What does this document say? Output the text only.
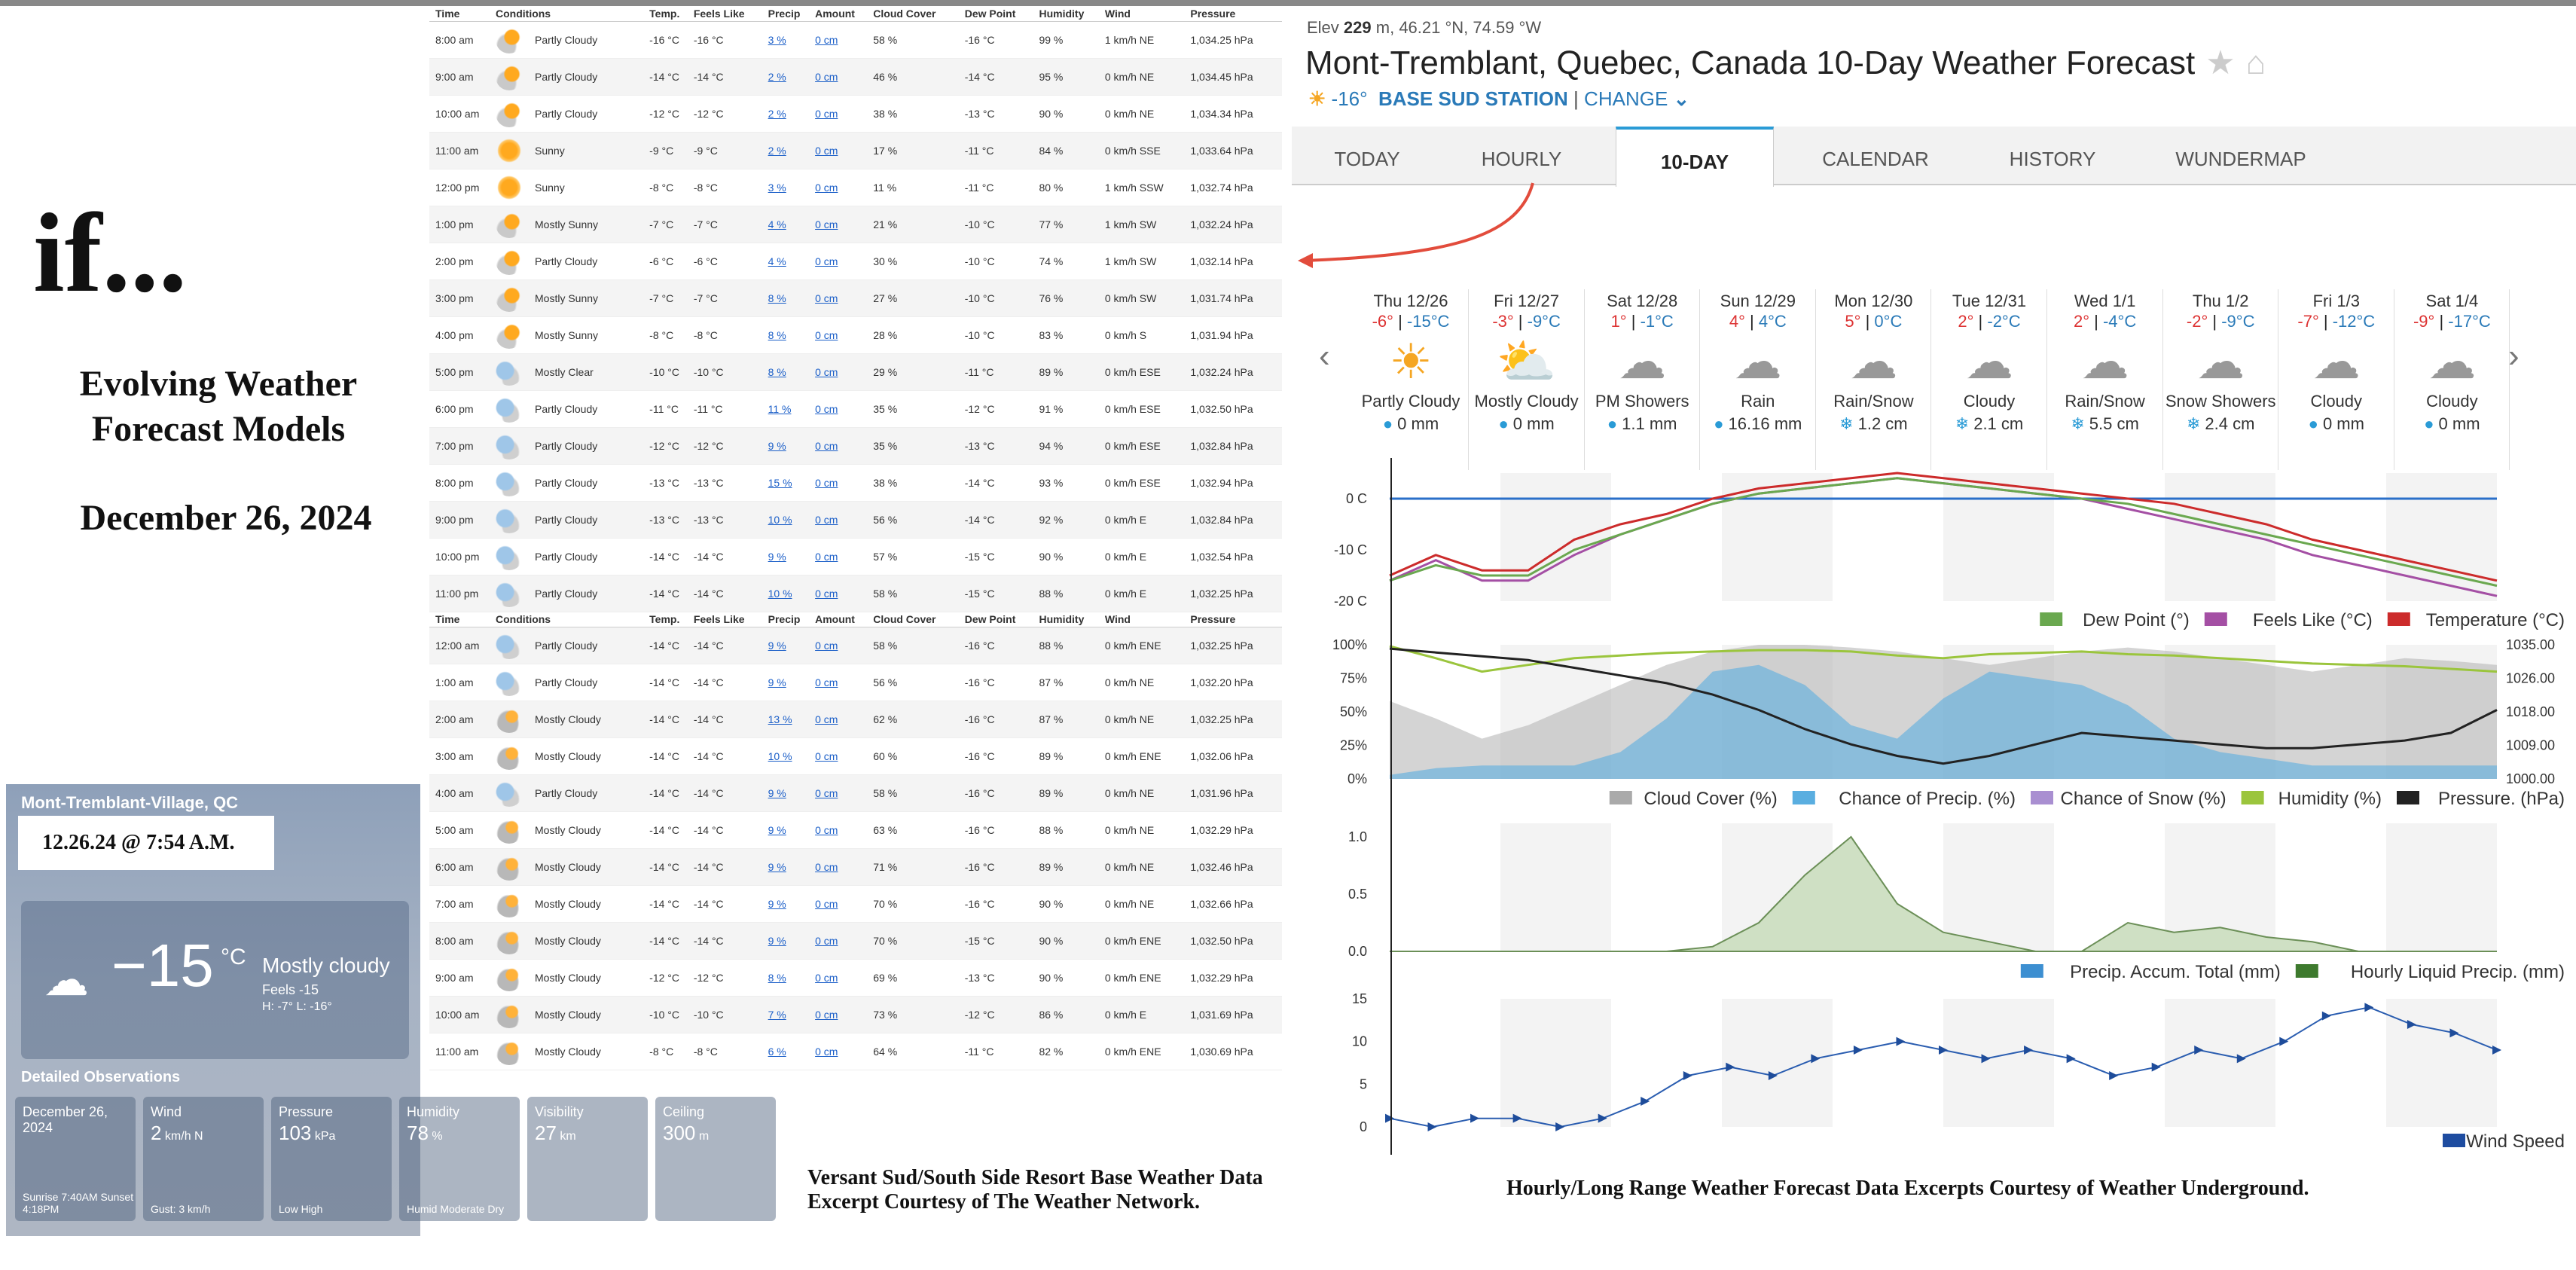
if...
Evolving Weather Forecast Models
December 26, 2024
Time	Conditions	Temp.	Feels Like	Precip	Amount	Cloud Cover	Dew Point	Humidity	Wind	Pressure
8:00 am	Partly Cloudy	-16 °C	-16 °C	3 %	0 cm	58 %	-16 °C	99 %	1 km/h NE	1,034.25 hPa
9:00 am	Partly Cloudy	-14 °C	-14 °C	2 %	0 cm	46 %	-14 °C	95 %	0 km/h NE	1,034.45 hPa
10:00 am	Partly Cloudy	-12 °C	-12 °C	2 %	0 cm	38 %	-13 °C	90 %	0 km/h NE	1,034.34 hPa
11:00 am	Sunny	-9 °C	-9 °C	2 %	0 cm	17 %	-11 °C	84 %	0 km/h SSE	1,033.64 hPa
12:00 pm	Sunny	-8 °C	-8 °C	3 %	0 cm	11 %	-11 °C	80 %	1 km/h SSW	1,032.74 hPa
1:00 pm	Mostly Sunny	-7 °C	-7 °C	4 %	0 cm	21 %	-10 °C	77 %	1 km/h SW	1,032.24 hPa
2:00 pm	Partly Cloudy	-6 °C	-6 °C	4 %	0 cm	30 %	-10 °C	74 %	1 km/h SW	1,032.14 hPa
3:00 pm	Mostly Sunny	-7 °C	-7 °C	8 %	0 cm	27 %	-10 °C	76 %	0 km/h SW	1,031.74 hPa
4:00 pm	Mostly Sunny	-8 °C	-8 °C	8 %	0 cm	28 %	-10 °C	83 %	0 km/h S	1,031.94 hPa
5:00 pm	Mostly Clear	-10 °C	-10 °C	8 %	0 cm	29 %	-11 °C	89 %	0 km/h ESE	1,032.24 hPa
6:00 pm	Partly Cloudy	-11 °C	-11 °C	11 %	0 cm	35 %	-12 °C	91 %	0 km/h ESE	1,032.50 hPa
7:00 pm	Partly Cloudy	-12 °C	-12 °C	9 %	0 cm	35 %	-13 °C	94 %	0 km/h ESE	1,032.84 hPa
8:00 pm	Partly Cloudy	-13 °C	-13 °C	15 %	0 cm	38 %	-14 °C	93 %	0 km/h ESE	1,032.94 hPa
9:00 pm	Partly Cloudy	-13 °C	-13 °C	10 %	0 cm	56 %	-14 °C	92 %	0 km/h E	1,032.84 hPa
10:00 pm	Partly Cloudy	-14 °C	-14 °C	9 %	0 cm	57 %	-15 °C	90 %	0 km/h E	1,032.54 hPa
11:00 pm	Partly Cloudy	-14 °C	-14 °C	10 %	0 cm	58 %	-15 °C	88 %	0 km/h E	1,032.25 hPa
Time	Conditions	Temp.	Feels Like	Precip	Amount	Cloud Cover	Dew Point	Humidity	Wind	Pressure
12:00 am	Partly Cloudy	-14 °C	-14 °C	9 %	0 cm	58 %	-16 °C	88 %	0 km/h ENE	1,032.25 hPa
1:00 am	Partly Cloudy	-14 °C	-14 °C	9 %	0 cm	56 %	-16 °C	87 %	0 km/h NE	1,032.20 hPa
2:00 am	Mostly Cloudy	-14 °C	-14 °C	13 %	0 cm	62 %	-16 °C	87 %	0 km/h NE	1,032.25 hPa
3:00 am	Mostly Cloudy	-14 °C	-14 °C	10 %	0 cm	60 %	-16 °C	89 %	0 km/h ENE	1,032.06 hPa
4:00 am	Partly Cloudy	-14 °C	-14 °C	9 %	0 cm	58 %	-16 °C	89 %	0 km/h NE	1,031.96 hPa
5:00 am	Mostly Cloudy	-14 °C	-14 °C	9 %	0 cm	63 %	-16 °C	88 %	0 km/h NE	1,032.29 hPa
6:00 am	Mostly Cloudy	-14 °C	-14 °C	9 %	0 cm	71 %	-16 °C	89 %	0 km/h NE	1,032.46 hPa
7:00 am	Mostly Cloudy	-14 °C	-14 °C	9 %	0 cm	70 %	-16 °C	90 %	0 km/h NE	1,032.66 hPa
8:00 am	Mostly Cloudy	-14 °C	-14 °C	9 %	0 cm	70 %	-15 °C	90 %	0 km/h ENE	1,032.50 hPa
9:00 am	Mostly Cloudy	-12 °C	-12 °C	8 %	0 cm	69 %	-13 °C	90 %	0 km/h ENE	1,032.29 hPa
10:00 am	Mostly Cloudy	-10 °C	-10 °C	7 %	0 cm	73 %	-12 °C	86 %	0 km/h E	1,031.69 hPa
11:00 am	Mostly Cloudy	-8 °C	-8 °C	6 %	0 cm	64 %	-11 °C	82 %	0 km/h ENE	1,030.69 hPa
Mont-Tremblant-Village, QC
12.26.24 @ 7:54 A.M.
☁ −15 °C Mostly cloudy
Feels -15
H: -7° L: -16°
Detailed Observations
December 26, 2024
Sunrise 7:40AM Sunset 4:18PM
Wind
2 km/h N
Gust: 3 km/h
Pressure
103 kPa
Low High
Humidity
78 %
Humid Moderate Dry
Visibility
27 km
Ceiling
300 m
Versant Sud/South Side Resort Base Weather Data Excerpt Courtesy of The Weather Network.
Hourly/Long Range Weather Forecast Data Excerpts Courtesy of Weather Underground.
Elev 229 m, 46.21 °N, 74.59 °W
Mont-Tremblant, Quebec, Canada 10-Day Weather Forecast ★ ⌂
☀ -16° BASE SUD STATION | CHANGE ⌄
TODAY	HOURLY	10-DAY	CALENDAR	HISTORY	WUNDERMAP
‹	›
Thu 12/26
-6° | -15°C
☀
Partly Cloudy
● 0 mm
Fri 12/27
-3° | -9°C
⛅
Mostly Cloudy
● 0 mm
Sat 12/28
1° | -1°C
☁
PM Showers
● 1.1 mm
Sun 12/29
4° | 4°C
☁
Rain
● 16.16 mm
Mon 12/30
5° | 0°C
☁
Rain/Snow
❄ 1.2 cm
Tue 12/31
2° | -2°C
☁
Cloudy
❄ 2.1 cm
Wed 1/1
2° | -4°C
☁
Rain/Snow
❄ 5.5 cm
Thu 1/2
-2° | -9°C
☁
Snow Showers
❄ 2.4 cm
Fri 1/3
-7° | -12°C
☁
Cloudy
● 0 mm
Sat 1/4
-9° | -17°C
☁
Cloudy
● 0 mm
0 C
-10 C
-20 C
Temperature (°C)
Feels Like (°C)
Dew Point (°)
100%
75%
50%
25%
0%
1035.00
1026.00
1018.00
1009.00
1000.00
Pressure. (hPa)
Humidity (%)
Chance of Snow (%)
Chance of Precip. (%)
Cloud Cover (%)
1.0
0.5
0.0
Hourly Liquid Precip. (mm)
Precip. Accum. Total (mm)
15
10
5
0
Wind Speed
